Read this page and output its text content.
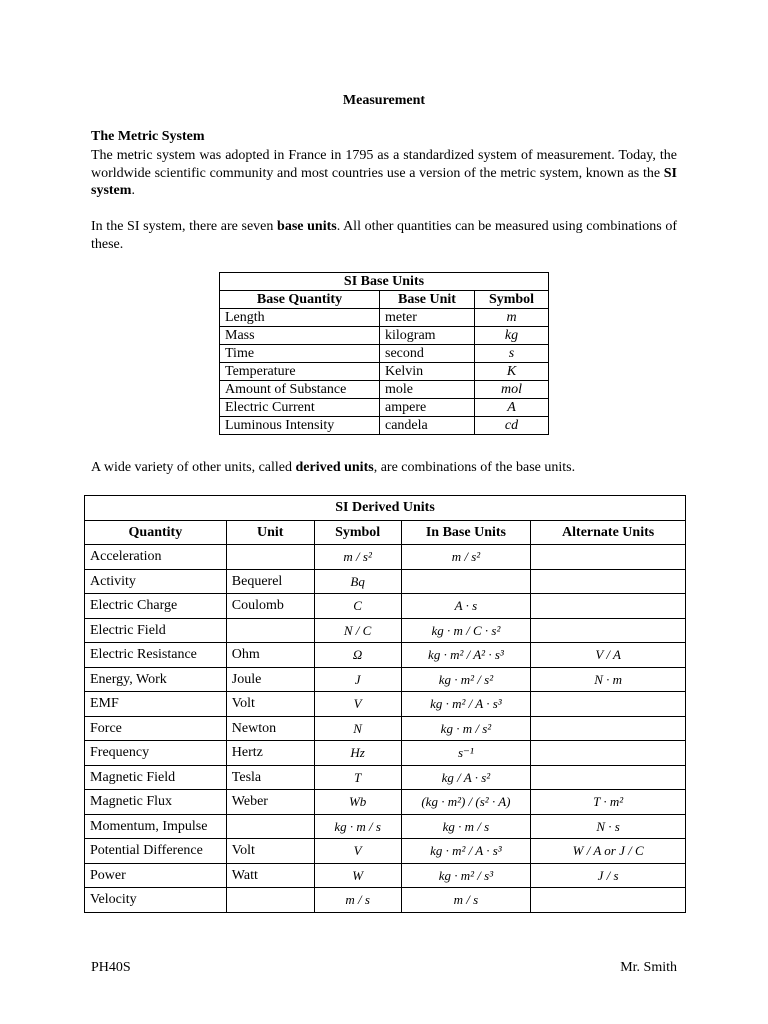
Measurement
The Metric System

The metric system was adopted in France in 1795 as a standardized system of measurement. Today, the worldwide scientific community and most countries use a version of the metric system, known as the SI system.

In the SI system, there are seven base units. All other quantities can be measured using combinations of these.

SI Base Units		
Base Quantity	Base Unit	Symbol
Length	meter	m
Mass	kilogram	kg
Time	second	s
Temperature	Kelvin	K
Amount of Substance	mole	mol
Electric Current	ampere	A
Luminous Intensity	candela	cd

A wide variety of other units, called derived units, are combinations of the base units.

SI Derived Units				
Quantity	Unit	Symbol	In Base Units	Alternate Units
Acceleration		m / s²	m / s²	
Activity	Bequerel	Bq		
Electric Charge	Coulomb	C	A · s	
Electric Field		N / C	kg · m / C · s²	
Electric Resistance	Ohm	Ω	kg · m² / A² · s³	V / A
Energy, Work	Joule	J	kg · m² / s²	N · m
EMF	Volt	V	kg · m² / A · s³	
Force	Newton	N	kg · m / s²	
Frequency	Hertz	Hz	s⁻¹	
Magnetic Field	Tesla	T	kg / A · s²	
Magnetic Flux	Weber	Wb	(kg · m²) / (s² · A)	T · m²
Momentum, Impulse		kg · m / s	kg · m / s	N · s
Potential Difference	Volt	V	kg · m² / A · s³	W / A or J / C
Power	Watt	W	kg · m² / s³	J / s
Velocity		m / s	m / s	
PH40S	Mr. Smith
